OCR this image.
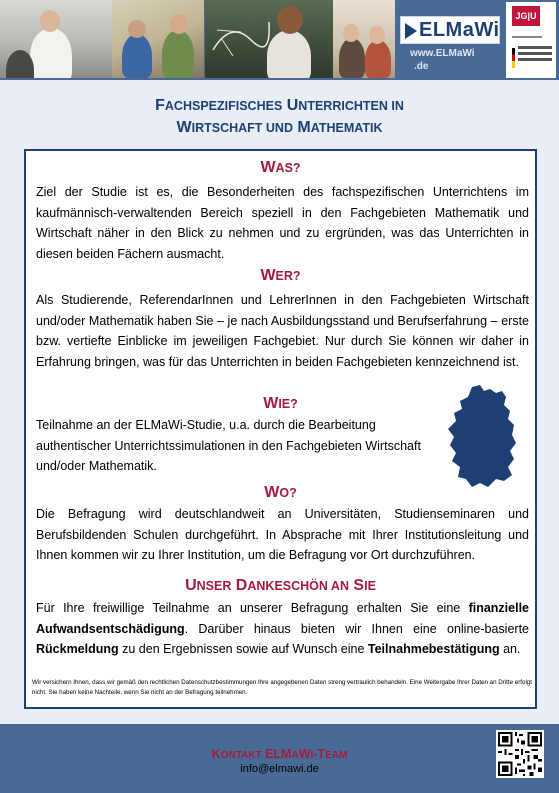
ELMaWi
www.ELMaWi
.de
JG|U
FACHSPEZIFISCHES UNTERRICHTEN IN
WIRTSCHAFT UND MATHEMATIK
WAS?
Ziel der Studie ist es, die Besonderheiten des fachspezifischen Unterrichtens im kaufmännisch-verwaltenden Bereich speziell in den Fachgebieten Mathematik und Wirtschaft näher in den Blick zu nehmen und zu ergründen, was das Unterrichten in diesen beiden Fächern ausmacht.
WER?
Als Studierende, ReferendarInnen und LehrerInnen in den Fachgebieten Wirtschaft und/oder Mathematik haben Sie – je nach Ausbildungsstand und Berufserfahrung – erste bzw. vertiefte Einblicke im jeweiligen Fachgebiet. Nur durch Sie können wir daher in Erfahrung bringen, was für das Unterrichten in beiden Fachgebieten kennzeichnend ist.
WIE?
Teilnahme an der ELMaWi-Studie, u.a. durch die Bearbeitung
authentischer Unterrichtssimulationen in den Fachgebieten Wirtschaft
und/oder Mathematik.
WO?
Die Befragung wird deutschlandweit an Universitäten, Studienseminaren und Berufsbildenden Schulen durchgeführt. In Absprache mit Ihrer Institutionsleitung und Ihnen kommen wir zu Ihrer Institution, um die Befragung vor Ort durchzuführen.
UNSER DANKESCHÖN AN SIE
Für Ihre freiwillige Teilnahme an unserer Befragung erhalten Sie eine finanzielle Aufwandsentschädigung. Darüber hinaus bieten wir Ihnen eine online-basierte Rückmeldung zu den Ergebnissen sowie auf Wunsch eine Teilnahmebestätigung an.
Wir versichern Ihnen, dass wir gemäß den rechtlichen Datenschutzbestimmungen Ihre angegebenen Daten streng vertraulich behandeln. Eine Weitergabe Ihrer Daten an Dritte erfolgt nicht. Sie haben keine Nachteile, wenn Sie nicht an der Befragung teilnehmen.
KONTAKT ELMAWI-TEAM
info@elmawi.de
